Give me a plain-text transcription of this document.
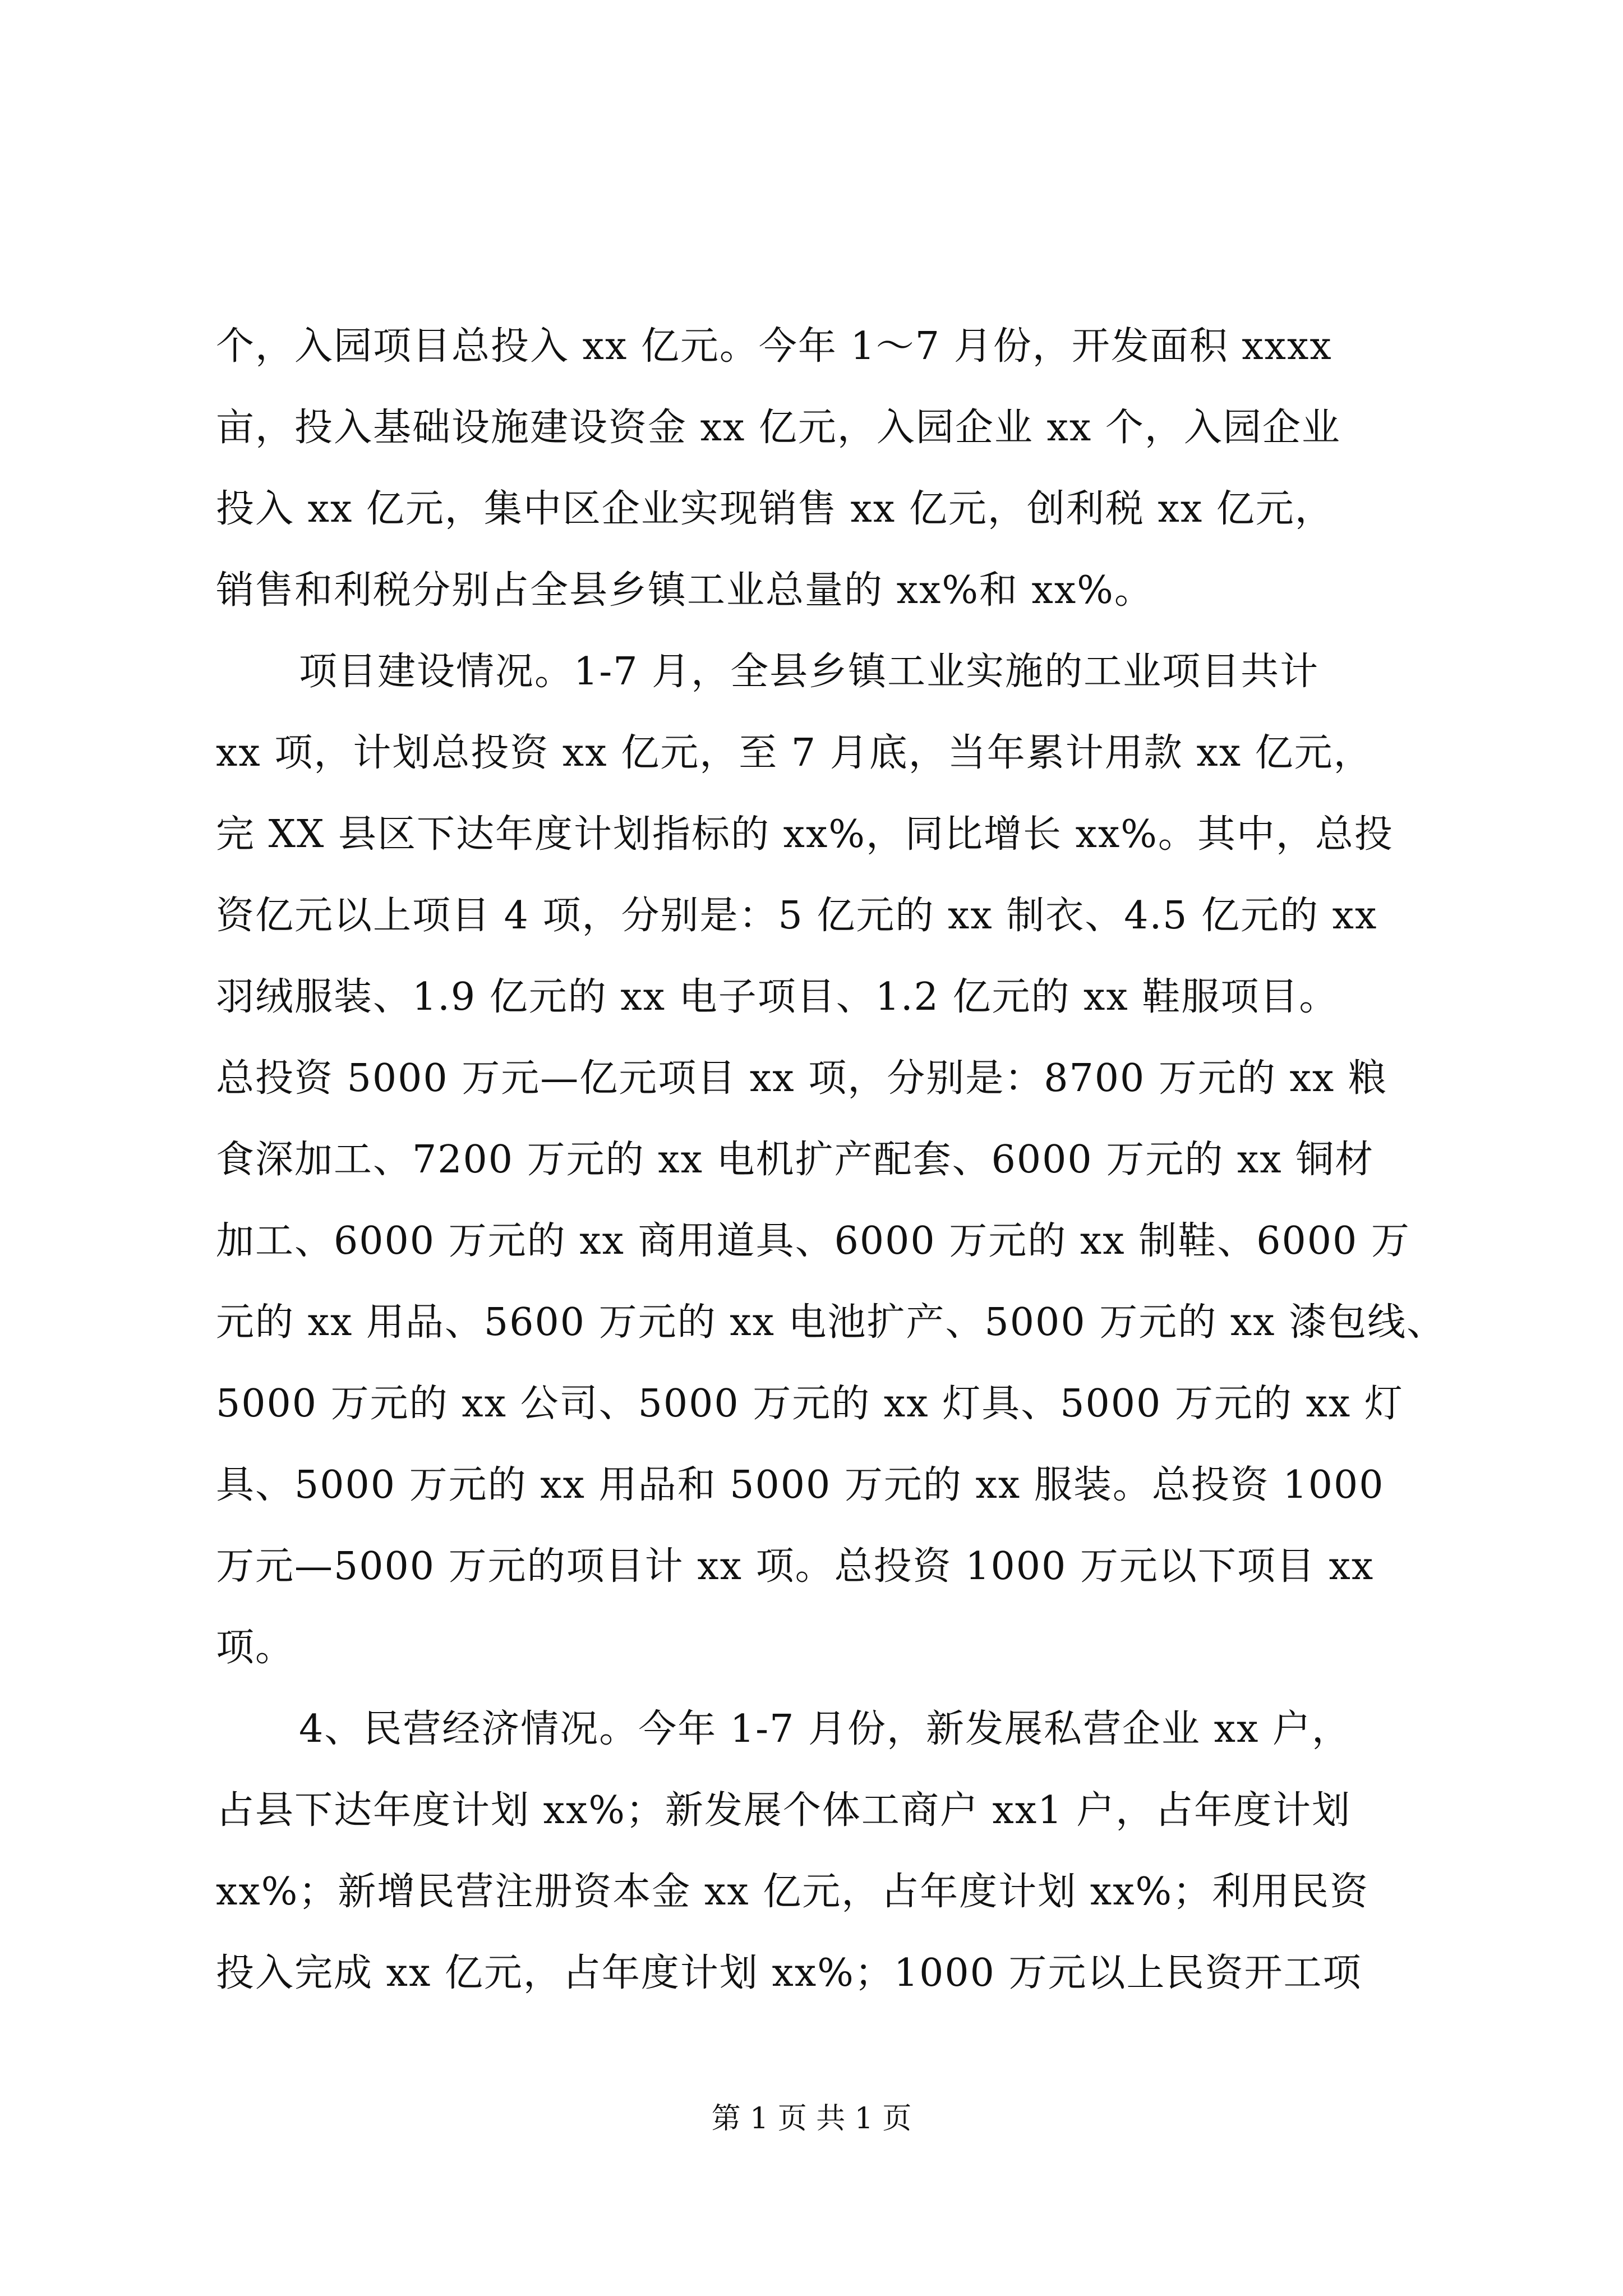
个，入园项目总投入 xx 亿元。今年 1～7 月份，开发面积 xxxx
亩，投入基础设施建设资金 xx 亿元，入园企业 xx 个，入园企业
投入 xx 亿元，集中区企业实现销售 xx 亿元，创利税 xx 亿元，
销售和利税分别占全县乡镇工业总量的 xx%和 xx%。
项目建设情况。1-7 月，全县乡镇工业实施的工业项目共计
xx 项，计划总投资 xx 亿元，至 7 月底，当年累计用款 xx 亿元，
完 XX 县区下达年度计划指标的 xx%，同比增长 xx%。其中，总投
资亿元以上项目 4 项，分别是：5 亿元的 xx 制衣、4.5 亿元的 xx
羽绒服装、1.9 亿元的 xx 电子项目、1.2 亿元的 xx 鞋服项目。
总投资 5000 万元—亿元项目 xx 项，分别是：8700 万元的 xx 粮
食深加工、7200 万元的 xx 电机扩产配套、6000 万元的 xx 铜材
加工、6000 万元的 xx 商用道具、6000 万元的 xx 制鞋、6000 万
元的 xx 用品、5600 万元的 xx 电池扩产、5000 万元的 xx 漆包线、
5000 万元的 xx 公司、5000 万元的 xx 灯具、5000 万元的 xx 灯
具、5000 万元的 xx 用品和 5000 万元的 xx 服装。总投资 1000
万元—5000 万元的项目计 xx 项。总投资 1000 万元以下项目 xx
项。
4、民营经济情况。今年 1-7 月份，新发展私营企业 xx 户，
占县下达年度计划 xx%；新发展个体工商户 xx1 户，占年度计划
xx%；新增民营注册资本金 xx 亿元，占年度计划 xx%；利用民资
投入完成 xx 亿元，占年度计划 xx%；1000 万元以上民资开工项
第 1 页 共 1 页
